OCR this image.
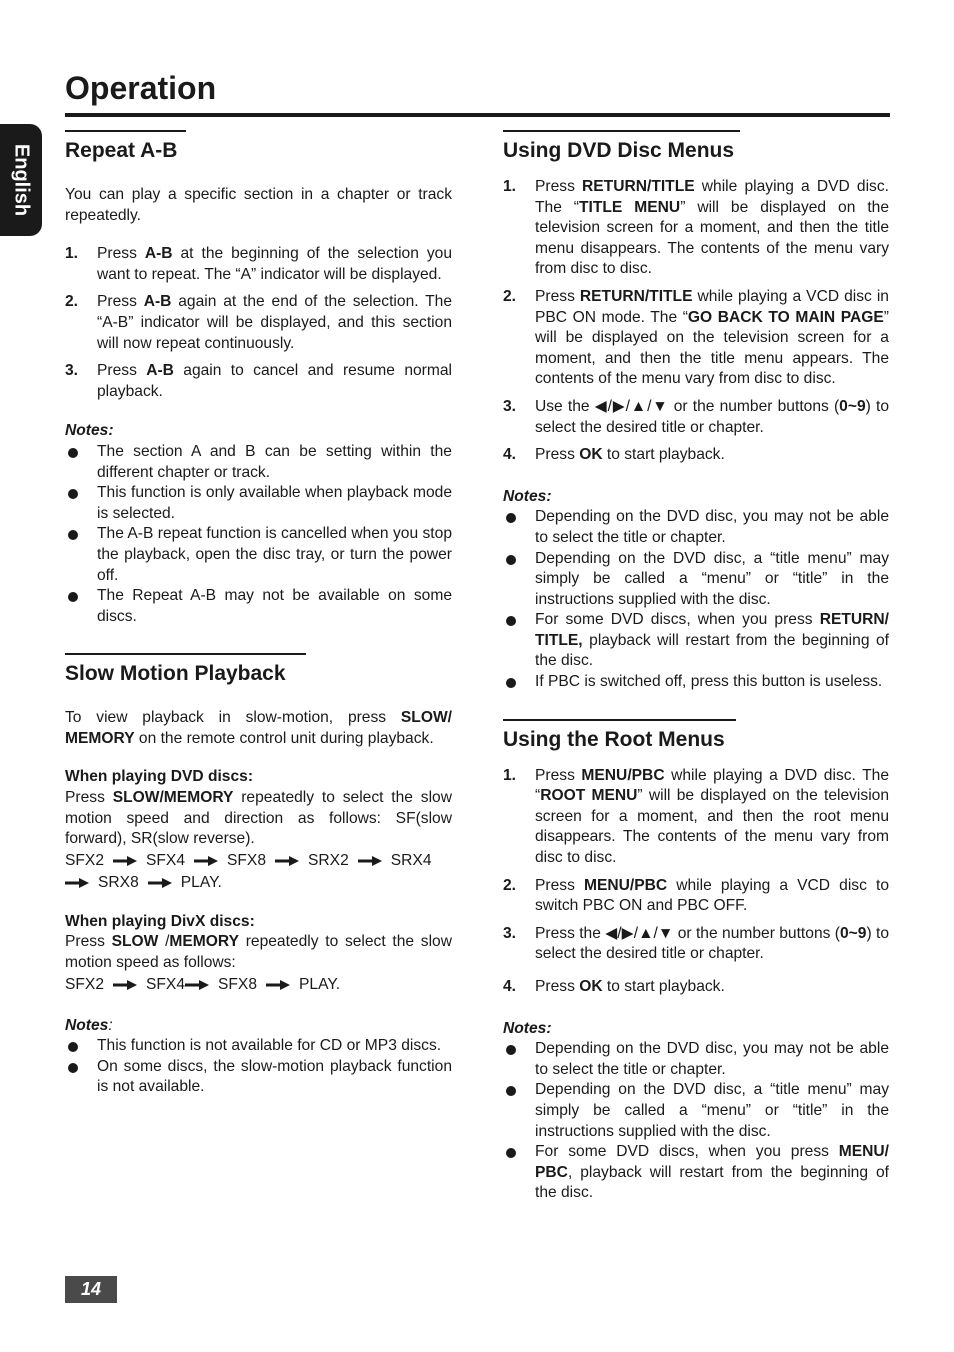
Operation
English Repeat A-B

You can play a specific section in a chapter or track repeatedly.

1. Press A-B at the beginning of the selection you want to repeat. The “A” indicator will be displayed.
2. Press A-B again at the end of the selection. The “A-B” indicator will be displayed, and this section will now repeat continuously.
3. Press A-B again to cancel and resume normal playback.

Notes:

The section A and B can be setting within the different chapter or track.
This function is only available when playback mode is selected.
The A-B repeat function is cancelled when you stop the playback, open the disc tray, or turn the power off.
The Repeat A-B may not be available on some discs.
Slow Motion Playback

To view playback in slow-motion, press SLOW/ MEMORY on the remote control unit during playback.

When playing DVD discs:

Press SLOW/MEMORY repeatedly to select the slow motion speed and direction as follows: SF(slow forward), SR(slow reverse).

SFX2	SFX4	SFX8	SRX2	SRX4
SRX8	PLAY.

When playing DivX discs:

Press SLOW /MEMORY repeatedly to select the slow motion speed as follows:

SFX2	SFX4 SFX8	PLAY.

Notes:

This function is not available for CD or MP3 discs.
On some discs, the slow-motion playback function is not available.
Using DVD Disc Menus
1. Press RETURN/TITLE while playing a DVD disc. The “TITLE MENU” will be displayed on the television screen for a moment, and then the title menu disappears. The contents of the menu vary from disc to disc.
2. Press RETURN/TITLE while playing a VCD disc in PBC ON mode. The “GO BACK TO MAIN PAGE” will be displayed on the television screen for a moment, and then the title menu appears. The contents of the menu vary from disc to disc.
3. Use the ◀/▶/▲/▼ or the number buttons (0~9) to select the desired title or chapter.
4. Press OK to start playback.

Notes:

Depending on the DVD disc, you may not be able to select the title or chapter.
Depending on the DVD disc, a “title menu” may simply be called a “menu” or “title” in the instructions supplied with the disc.
For some DVD discs, when you press RETURN/ TITLE, playback will restart from the beginning of the disc.
If PBC is switched off, press this button is useless.
Using the Root Menus
1. Press MENU/PBC while playing a DVD disc. The “ROOT MENU” will be displayed on the television screen for a moment, and then the root menu disappears. The contents of the menu vary from disc to disc.
2. Press MENU/PBC while playing a VCD disc to switch PBC ON and PBC OFF.
3. Press the ◀/▶/▲/▼ or the number buttons (0~9) to select the desired title or chapter.
4. Press OK to start playback.

Notes:

Depending on the DVD disc, you may not be able to select the title or chapter.
Depending on the DVD disc, a “title menu” may simply be called a “menu” or “title” in the instructions supplied with the disc.
For some DVD discs, when you press MENU/ PBC, playback will restart from the beginning of the disc.
14
